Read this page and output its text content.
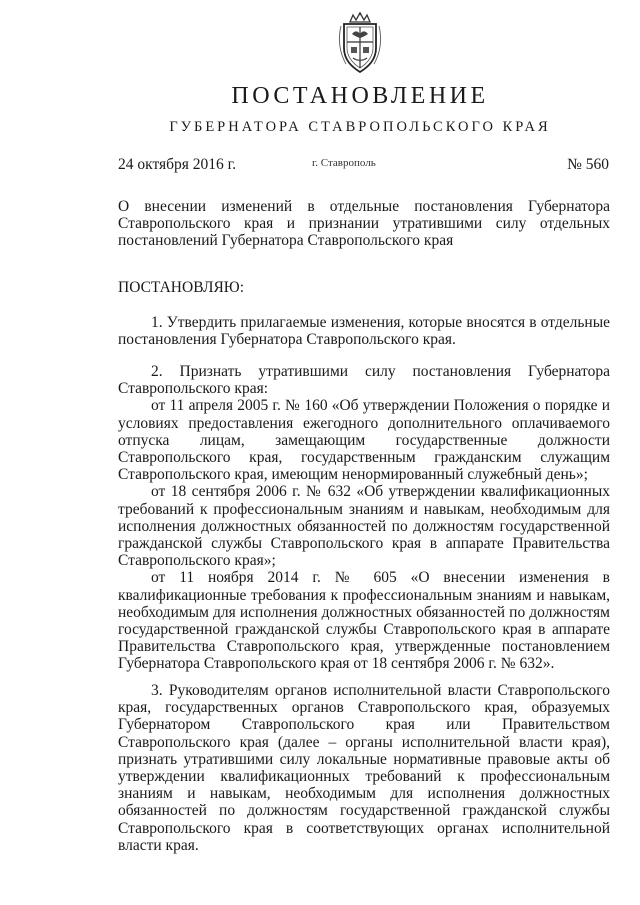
ПОСТАНОВЛЕНИЕ
ГУБЕРНАТОРА СТАВРОПОЛЬСКОГО КРАЯ
24 октября 2016 г.	г. Ставрополь	№ 560

О внесении изменений в отдельные постановления Губернатора Ставропольского края и признании утратившими силу отдельных постановлений Губернатора Ставропольского края

ПОСТАНОВЛЯЮ:

1. Утвердить прилагаемые изменения, которые вносятся в отдельные постановления Губернатора Ставропольского края.

2. Признать утратившими силу постановления Губернатора Ставропольского края:

от 11 апреля 2005 г. № 160 «Об утверждении Положения о порядке и условиях предоставления ежегодного дополнительного оплачиваемого отпуска лицам, замещающим государственные должности Ставропольского края, государственным гражданским служащим Ставропольского края, имеющим ненормированный служебный день»;

от 18 сентября 2006 г. № 632 «Об утверждении квалификационных требований к профессиональным знаниям и навыкам, необходимым для исполнения должностных обязанностей по должностям государственной гражданской службы Ставропольского края в аппарате Правительства Ставропольского края»;

от 11 ноября 2014 г. № 605 «О внесении изменения в квалификационные требования к профессиональным знаниям и навыкам, необходимым для исполнения должностных обязанностей по должностям государственной гражданской службы Ставропольского края в аппарате Правительства Ставропольского края, утвержденные постановлением Губернатора Ставропольского края от 18 сентября 2006 г. № 632».

3. Руководителям органов исполнительной власти Ставропольского края, государственных органов Ставропольского края, образуемых Губернатором Ставропольского края или Правительством Ставропольского края (далее – органы исполнительной власти края), признать утратившими силу локальные нормативные правовые акты об утверждении квалификационных требований к профессиональным знаниям и навыкам, необходимым для исполнения должностных обязанностей по должностям государственной гражданской службы Ставропольского края в соответствующих органах исполнительной власти края.
